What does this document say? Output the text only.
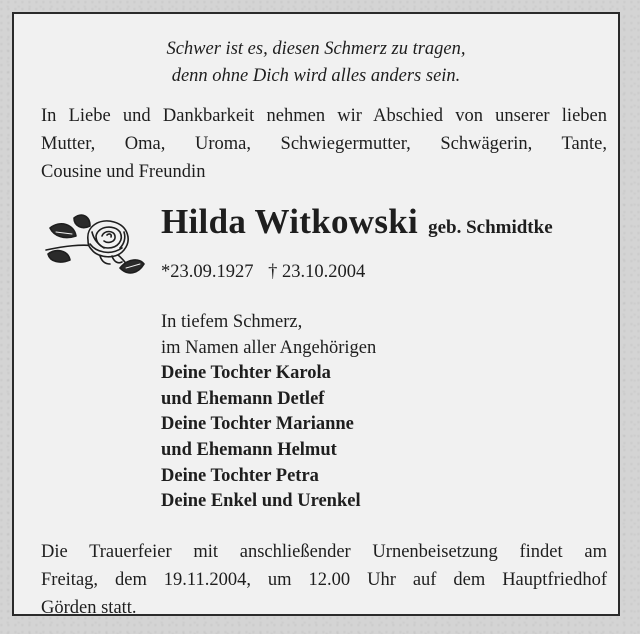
Schwer ist es, diesen Schmerz zu tragen,
denn ohne Dich wird alles anders sein.
In Liebe und Dankbarkeit nehmen wir Abschied von unserer lieben
Mutter, Oma, Uroma, Schwiegermutter, Schwägerin, Tante,
Cousine und Freundin
Hilda Witkowski geb. Schmidtke
*23.09.1927 † 23.10.2004
In tiefem Schmerz,
im Namen aller Angehörigen
Deine Tochter Karola
und Ehemann Detlef
Deine Tochter Marianne
und Ehemann Helmut
Deine Tochter Petra
Deine Enkel und Urenkel
Die Trauerfeier mit anschließender Urnenbeisetzung findet am
Freitag, dem 19.11.2004, um 12.00 Uhr auf dem Hauptfriedhof
Görden statt.
